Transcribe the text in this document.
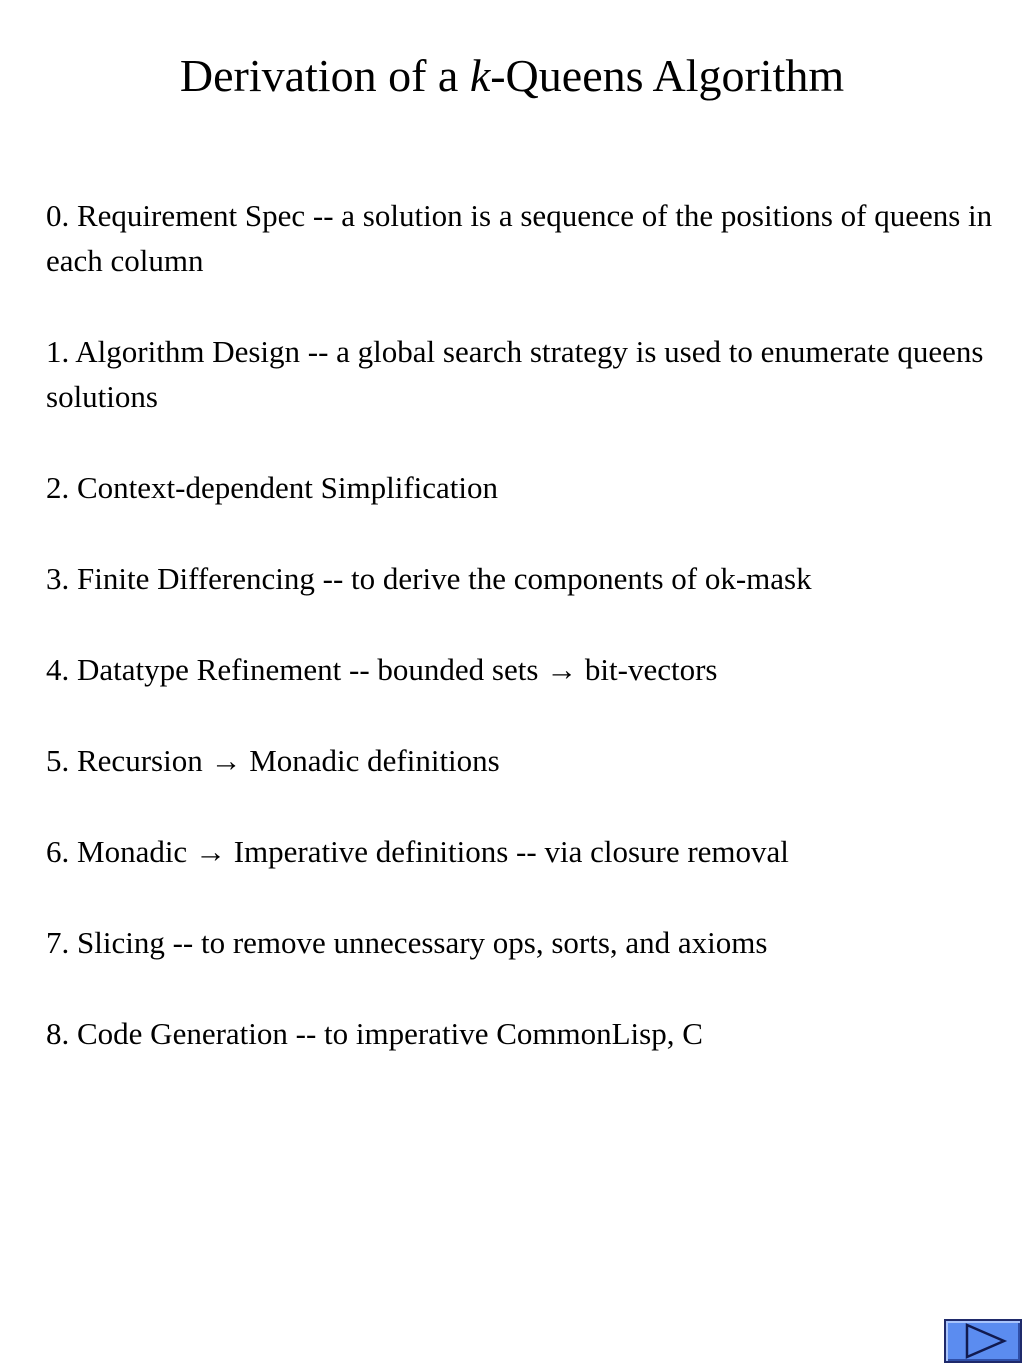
Derivation of a k-Queens Algorithm
0. Requirement Spec -- a solution is a sequence of the positions of queens in each column
1. Algorithm Design -- a global search strategy is used to enumerate queens solutions
2. Context-dependent Simplification
3. Finite Differencing -- to derive the components of ok-mask
4. Datatype Refinement -- bounded sets → bit-vectors
5. Recursion → Monadic definitions
6. Monadic → Imperative definitions -- via closure removal
7. Slicing -- to remove unnecessary ops, sorts, and axioms
8. Code Generation -- to imperative CommonLisp, C
